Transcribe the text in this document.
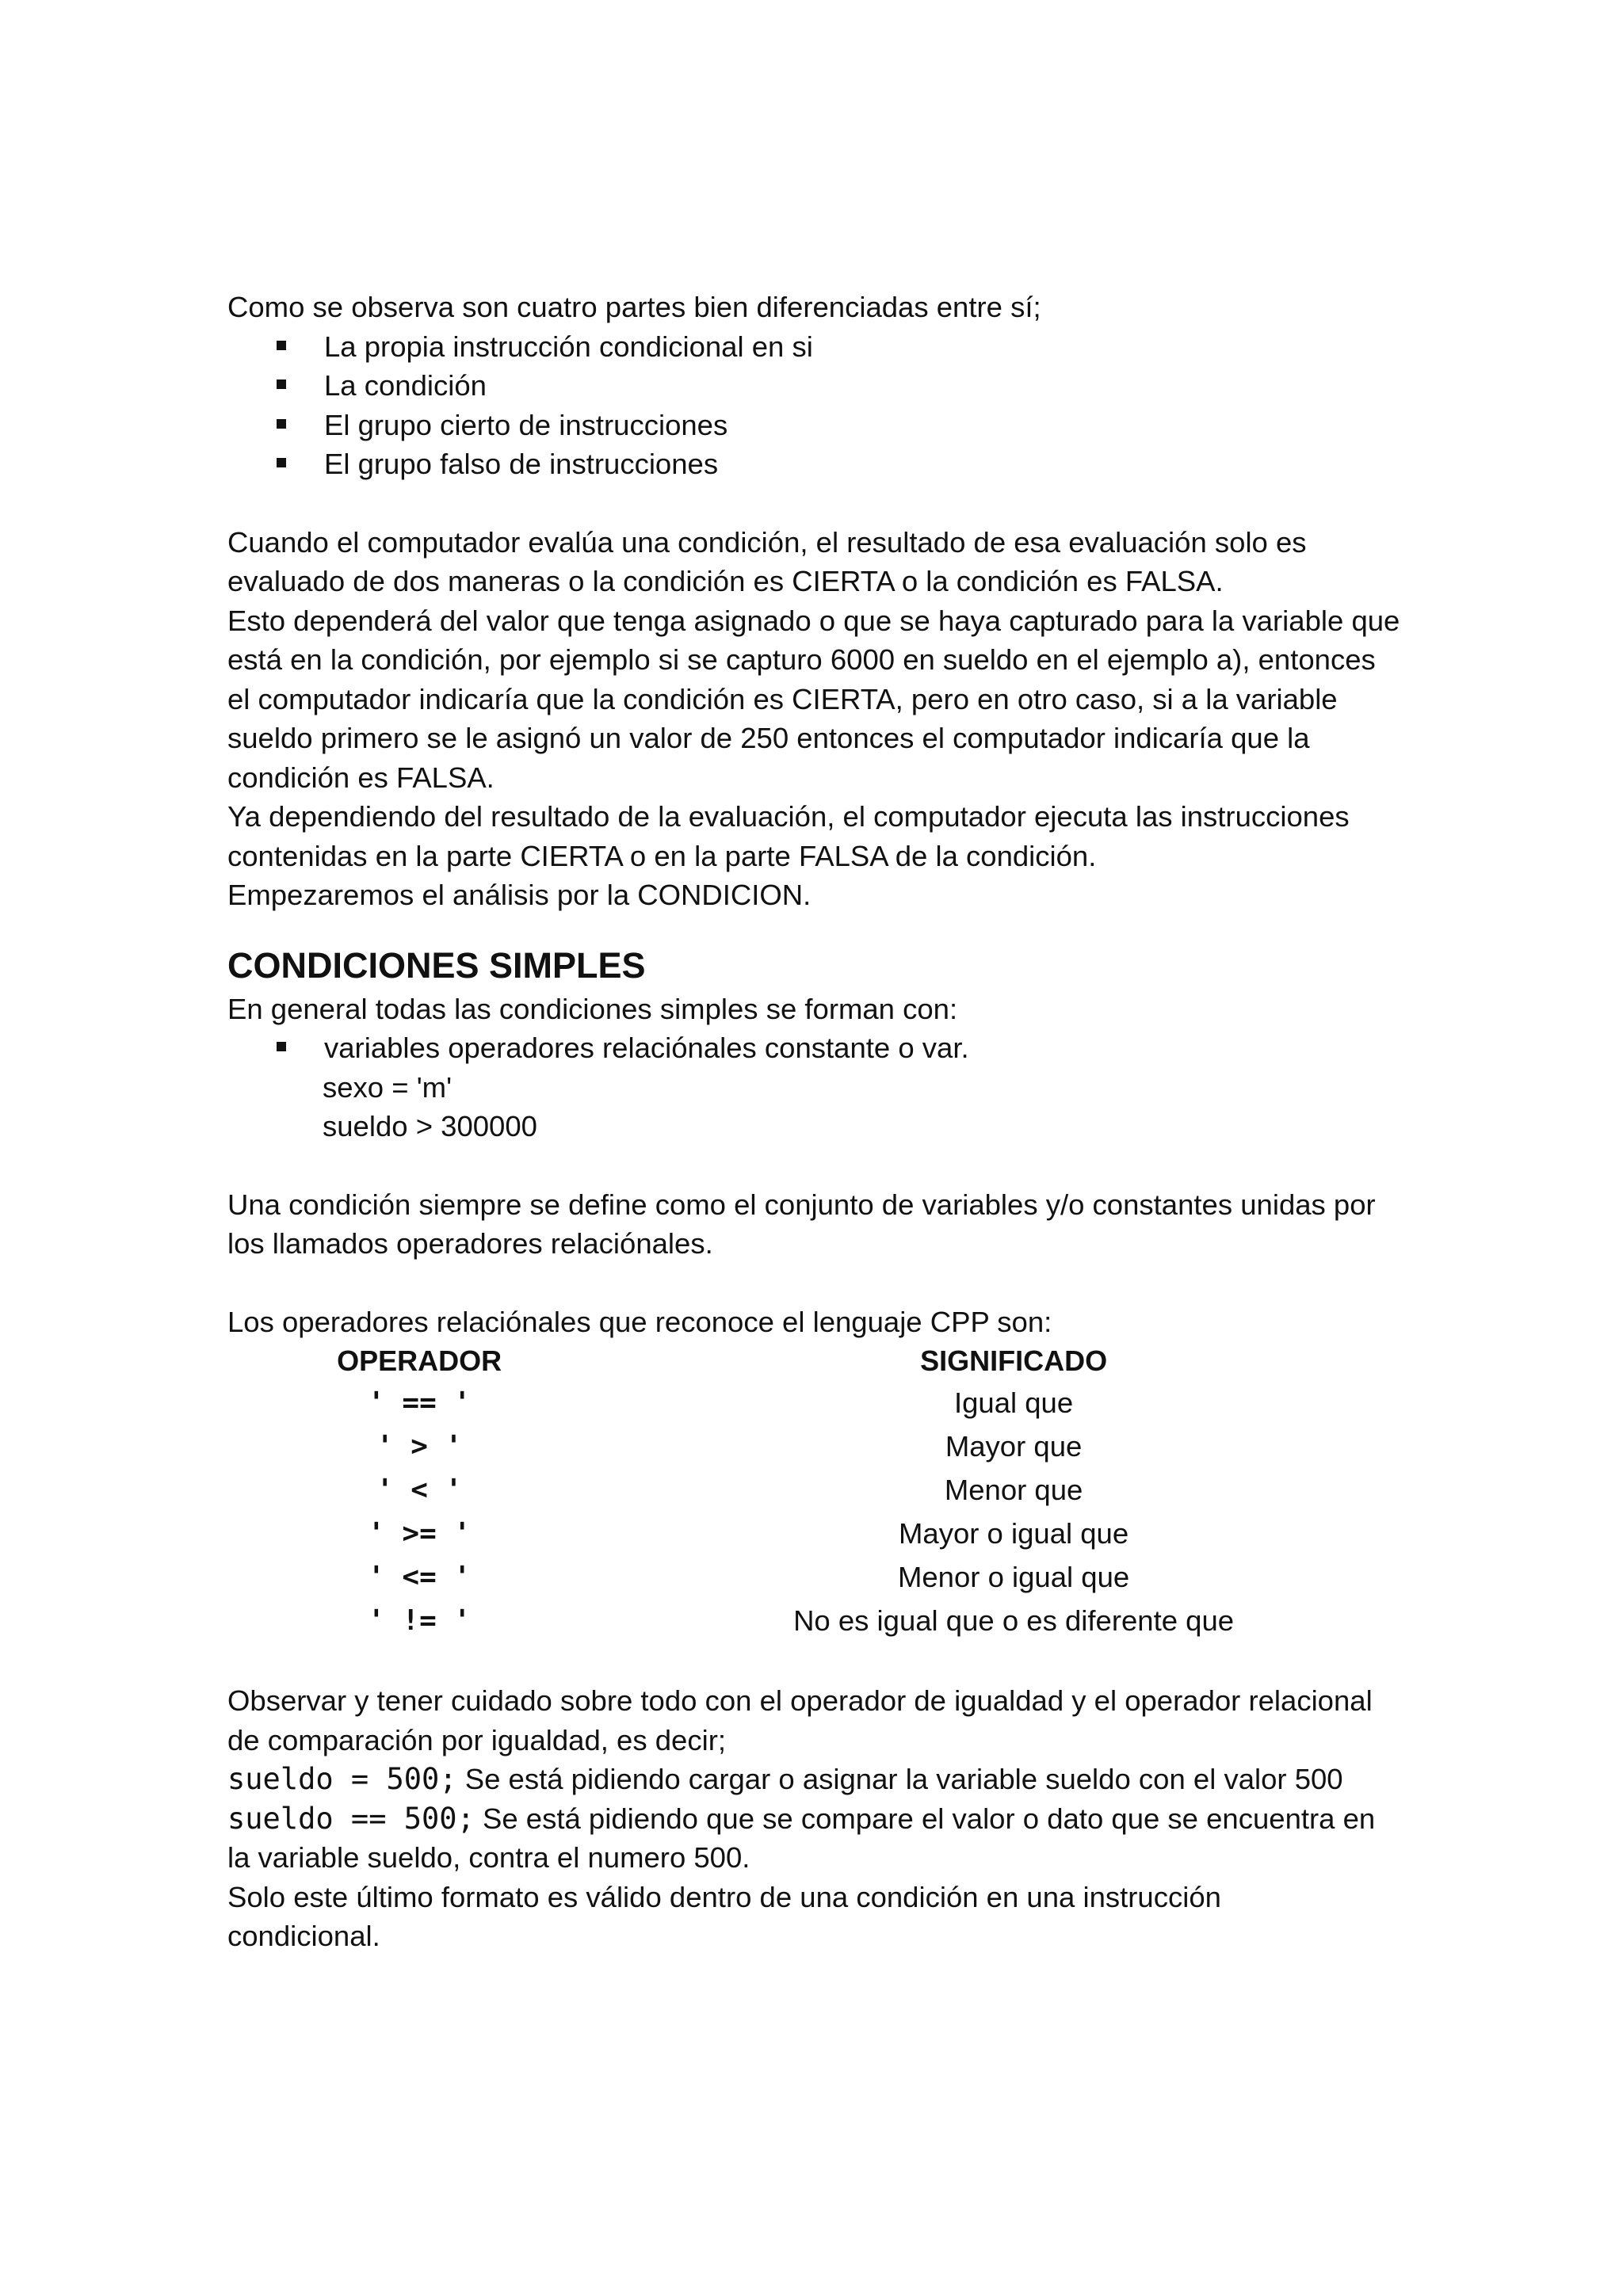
Como se observa son cuatro partes bien diferenciadas entre sí;

La propia instrucción condicional en si
La condición
El grupo cierto de instrucciones
El grupo falso de instrucciones

Cuando el computador evalúa una condición, el resultado de esa evaluación solo es

evaluado de dos maneras o la condición es CIERTA o la condición es FALSA.

Esto dependerá del valor que tenga asignado o que se haya capturado para la variable que

está en la condición, por ejemplo si se capturo 6000 en sueldo en el ejemplo a), entonces

el computador indicaría que la condición es CIERTA, pero en otro caso, si a la variable

sueldo primero se le asignó un valor de 250 entonces el computador indicaría que la

condición es FALSA.

Ya dependiendo del resultado de la evaluación, el computador ejecuta las instrucciones

contenidas en la parte CIERTA o en la parte FALSA de la condición.

Empezaremos el análisis por la CONDICION.

CONDICIONES SIMPLES

En general todas las condiciones simples se forman con:

variables operadores relaciónales constante o var.

sexo = 'm'

sueldo > 300000

Una condición siempre se define como el conjunto de variables y/o constantes unidas por

los llamados operadores relaciónales.

Los operadores relaciónales que reconoce el lenguaje CPP son:

OPERADOR	SIGNIFICADO
' == '	Igual que
' > '	Mayor que
' < '	Menor que
' >= '	Mayor o igual que
' <= '	Menor o igual que
' != '	No es igual que o es diferente que

Observar y tener cuidado sobre todo con el operador de igualdad y el operador relacional

de comparación por igualdad, es decir;

sueldo = 500; Se está pidiendo cargar o asignar la variable sueldo con el valor 500

sueldo == 500; Se está pidiendo que se compare el valor o dato que se encuentra en

la variable sueldo, contra el numero 500.

Solo este último formato es válido dentro de una condición en una instrucción

condicional.
